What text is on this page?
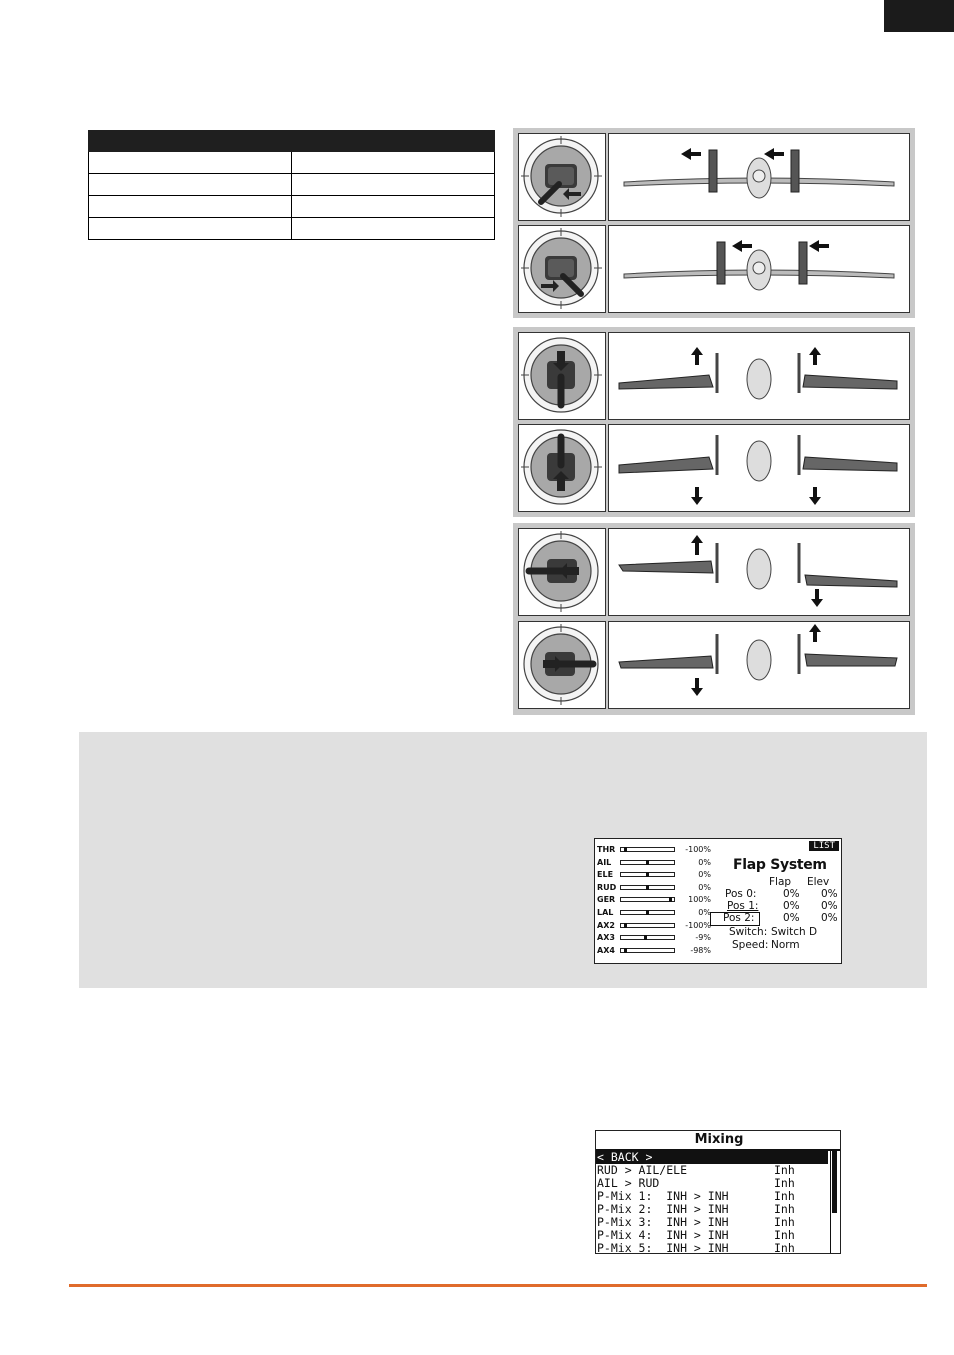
LIST
Flap System
Flap Elev
THR	-100%
AIL	0%
ELE	0%
RUD	0%
GER	100%
LAL	0%
AX2	-100%
AX3	-9%
AX4	-98%
Pos 0:	0% 0%
Pos 1: 0% 0%
Pos 2:	0% 0%
Switch: Switch D
Speed: Norm
Mixing
< BACK >
RUD > AIL/ELE	Inh
AIL > RUD	Inh
P-Mix 1:  INH > INH	Inh
P-Mix 2:  INH > INH	Inh
P-Mix 3:  INH > INH	Inh
P-Mix 4:  INH > INH	Inh
P-Mix 5:  INH > INH	Inh
